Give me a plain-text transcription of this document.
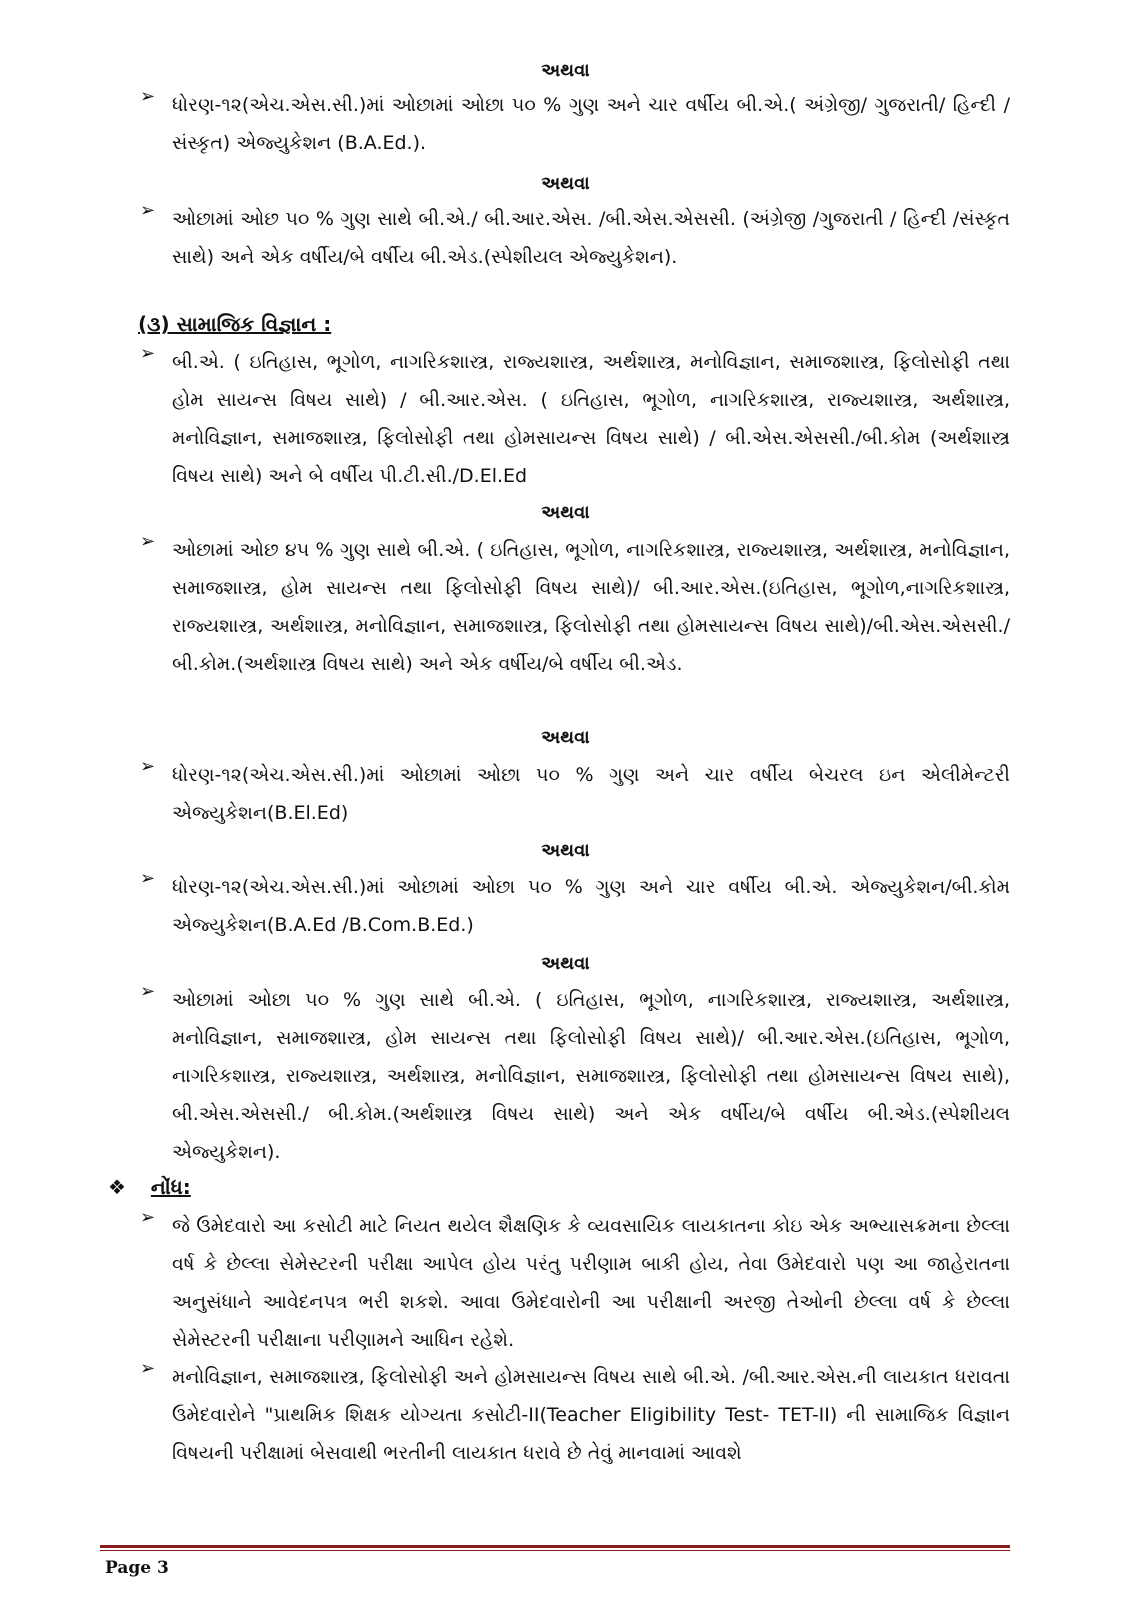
અથવા
➢ ધોરણ-૧૨(એચ.એસ.સી.)માં ઓછામાં ઓછા ૫૦ % ગુણ અને ચાર વર્ષીય બી.એ.( અંગ્રેજી/ ગુજરાતી/ હિન્દી / સંસ્કૃત) એજ્યુકેશન (B.A.Ed.).
અથવા
➢ ઓછામાં ઓછ ૫૦ % ગુણ સાથે બી.એ./ બી.આર.એસ. /બી.એસ.એસસી. (અંગ્રેજી /ગુજરાતી / હિન્દી /સંસ્કૃત સાથે) અને એક વર્ષીય/બે વર્ષીય બી.એડ.(સ્પેશીયલ એજ્યુકેશન).
(૩) સામાજિક વિજ્ઞાન :
➢ બી.એ. ( ઇતિહાસ, ભૂગોળ, નાગરિકશાસ્ત્ર, રાજ્યશાસ્ત્ર, અર્થશાસ્ત્ર, મનોવિજ્ઞાન, સમાજશાસ્ત્ર, ફિલોસોફી તથા હોમ સાયન્સ વિષય સાથે) / બી.આર.એસ. ( ઇતિહાસ, ભૂગોળ, નાગરિકશાસ્ત્ર, રાજ્યશાસ્ત્ર, અર્થશાસ્ત્ર, મનોવિજ્ઞાન, સમાજશાસ્ત્ર, ફિલોસોફી તથા હોમસાયન્સ વિષય સાથે) / બી.એસ.એસસી./બી.કોમ (અર્થશાસ્ત્ર વિષય સાથે) અને બે વર્ષીય પી.ટી.સી./D.El.Ed
અથવા
➢ ઓછામાં ઓછ ૪૫ % ગુણ સાથે બી.એ. ( ઇતિહાસ, ભૂગોળ, નાગરિકશાસ્ત્ર, રાજ્યશાસ્ત્ર, અર્થશાસ્ત્ર, મનોવિજ્ઞાન, સમાજશાસ્ત્ર, હોમ સાયન્સ તથા ફિલોસોફી વિષય સાથે)/ બી.આર.એસ.(ઇતિહાસ, ભૂગોળ,નાગરિકશાસ્ત્ર, રાજ્યશાસ્ત્ર, અર્થશાસ્ત્ર, મનોવિજ્ઞાન, સમાજશાસ્ત્ર, ફિલોસોફી તથા હોમસાયન્સ વિષય સાથે)/બી.એસ.એસસી./ બી.કોમ.(અર્થશાસ્ત્ર વિષય સાથે) અને એક વર્ષીય/બે વર્ષીય બી.એડ.
અથવા
➢ ધોરણ-૧૨(એચ.એસ.સી.)માં ઓછામાં ઓછા ૫૦ % ગુણ અને ચાર વર્ષીય બેચરલ ઇન એલીમેન્ટરી એજ્યુકેશન(B.El.Ed)
અથવા
➢ ધોરણ-૧૨(એચ.એસ.સી.)માં ઓછામાં ઓછા ૫૦ % ગુણ અને ચાર વર્ષીય બી.એ. એજ્યુકેશન/બી.કોમ એજ્યુકેશન(B.A.Ed /B.Com.B.Ed.)
અથવા
➢ ઓછામાં ઓછા ૫૦ % ગુણ સાથે બી.એ. ( ઇતિહાસ, ભૂગોળ, નાગરિકશાસ્ત્ર, રાજ્યશાસ્ત્ર, અર્થશાસ્ત્ર, મનોવિજ્ઞાન, સમાજશાસ્ત્ર, હોમ સાયન્સ તથા ફિલોસોફી વિષય સાથે)/ બી.આર.એસ.(ઇતિહાસ, ભૂગોળ, નાગરિકશાસ્ત્ર, રાજ્યશાસ્ત્ર, અર્થશાસ્ત્ર, મનોવિજ્ઞાન, સમાજશાસ્ત્ર, ફિલોસોફી તથા હોમસાયન્સ વિષય સાથે), બી.એસ.એસસી./ બી.કોમ.(અર્થશાસ્ત્ર વિષય સાથે) અને એક વર્ષીય/બે વર્ષીય બી.એડ.(સ્પેશીયલ એજ્યુકેશન).
❖ નોંધ:
➢ જે ઉમેદવારો આ કસોટી માટે નિયત થયેલ શૈક્ષણિક કે વ્યવસાયિક લાયકાતના કોઇ એક અભ્યાસક્રમના છેલ્લા વર્ષ કે છેલ્લા સેમેસ્ટરની પરીક્ષા આપેલ હોય પરંતુ પરીણામ બાકી હોય, તેવા ઉમેદવારો પણ આ જાહેરાતના અનુસંધાને આવેદનપત્ર ભરી શકશે. આવા ઉમેદવારોની આ પરીક્ષાની અરજી તેઓની છેલ્લા વર્ષ કે છેલ્લા સેમેસ્ટરની પરીક્ષાના પરીણામને આધિન રહેશે.
➢ મનોવિજ્ઞાન, સમાજશાસ્ત્ર, ફિલોસોફી અને હોમસાયન્સ વિષય સાથે બી.એ. /બી.આર.એસ.ની લાયકાત ધરાવતા ઉમેદવારોને "પ્રાથમિક શિક્ષક યોગ્યતા કસોટી-II(Teacher Eligibility Test- TET-II) ની સામાજિક વિજ્ઞાન વિષયની પરીક્ષામાં બેસવાથી ભરતીની લાયકાત ધરાવે છે તેવું માનવામાં આવશે
Page 3
